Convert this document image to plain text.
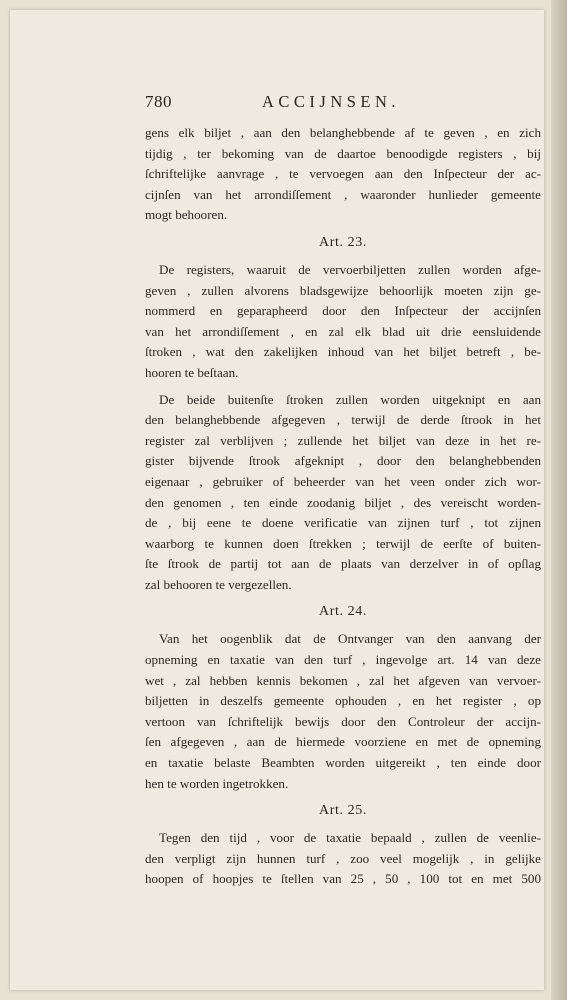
780	ACCIJNSEN.
gens elk biljet , aan den belanghebbende af te geven , en zich
tijdig , ter bekoming van de daartoe benoodigde registers , bij
ſchriftelijke aanvrage , te vervoegen aan den Inſpecteur der ac-
cijnſen van het arrondiſſement , waaronder hunlieder gemeente
mogt behooren.
Art. 23.
De registers, waaruit de vervoerbiljetten zullen worden afge-
geven , zullen alvorens bladsgewijze behoorlijk moeten zijn ge-
nommerd en geparapheerd door den Inſpecteur der accijnſen
van het arrondiſſement , en zal elk blad uit drie eensluidende
ſtroken , wat den zakelijken inhoud van het biljet betreft , be-
hooren te beſtaan.
De beide buitenſte ſtroken zullen worden uitgeknipt en aan
den belanghebbende afgegeven , terwijl de derde ſtrook in het
register zal verblijven ; zullende het biljet van deze in het re-
gister bijvende ſtrook afgeknipt , door den belanghebbenden
eigenaar , gebruiker of beheerder van het veen onder zich wor-
den genomen , ten einde zoodanig biljet , des vereischt worden-
de , bij eene te doene verificatie van zijnen turf , tot zijnen
waarborg te kunnen doen ſtrekken ; terwijl de eerſte of buiten-
ſte ſtrook de partij tot aan de plaats van derzelver in of opſlag
zal behooren te vergezellen.
Art. 24.
Van het oogenblik dat de Ontvanger van den aanvang der
opneming en taxatie van den turf , ingevolge art. 14 van deze
wet , zal hebben kennis bekomen , zal het afgeven van vervoer-
biljetten in deszelfs gemeente ophouden , en het register , op
vertoon van ſchriftelijk bewijs door den Controleur der accijn-
ſen afgegeven , aan de hiermede voorziene en met de opneming
en taxatie belaste Beambten worden uitgereikt , ten einde door
hen te worden ingetrokken.
Art. 25.
Tegen den tijd , voor de taxatie bepaald , zullen de veenlie-
den verpligt zijn hunnen turf , zoo veel mogelijk , in gelijke
hoopen of hoopjes te ſtellen van 25 , 50 , 100 tot en met 500
